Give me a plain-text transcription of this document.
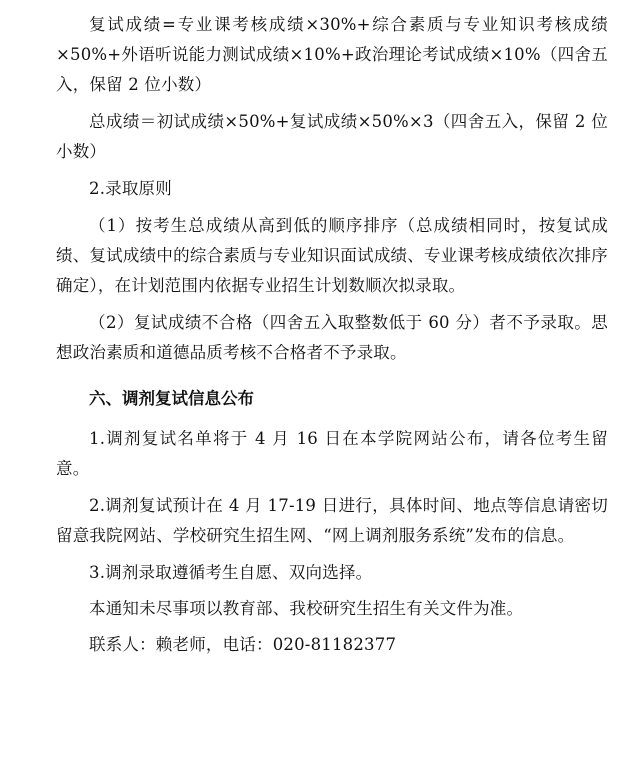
复试成绩=专业课考核成绩×30%+综合素质与专业知识考核成绩×50%+外语听说能力测试成绩×10%+政治理论考试成绩×10%（四舍五入，保留 2 位小数）

总成绩＝初试成绩×50%+复试成绩×50%×3（四舍五入，保留 2 位小数）

2.录取原则

（1）按考生总成绩从高到低的顺序排序（总成绩相同时，按复试成绩、复试成绩中的综合素质与专业知识面试成绩、专业课考核成绩依次排序确定），在计划范围内依据专业招生计划数顺次拟录取。

（2）复试成绩不合格（四舍五入取整数低于 60 分）者不予录取。思想政治素质和道德品质考核不合格者不予录取。

六、调剂复试信息公布

1.调剂复试名单将于 4 月 16 日在本学院网站公布，请各位考生留意。

2.调剂复试预计在 4 月 17-19 日进行，具体时间、地点等信息请密切留意我院网站、学校研究生招生网、“网上调剂服务系统”发布的信息。

3.调剂录取遵循考生自愿、双向选择。

本通知未尽事项以教育部、我校研究生招生有关文件为准。

联系人：赖老师，电话：020-81182377
